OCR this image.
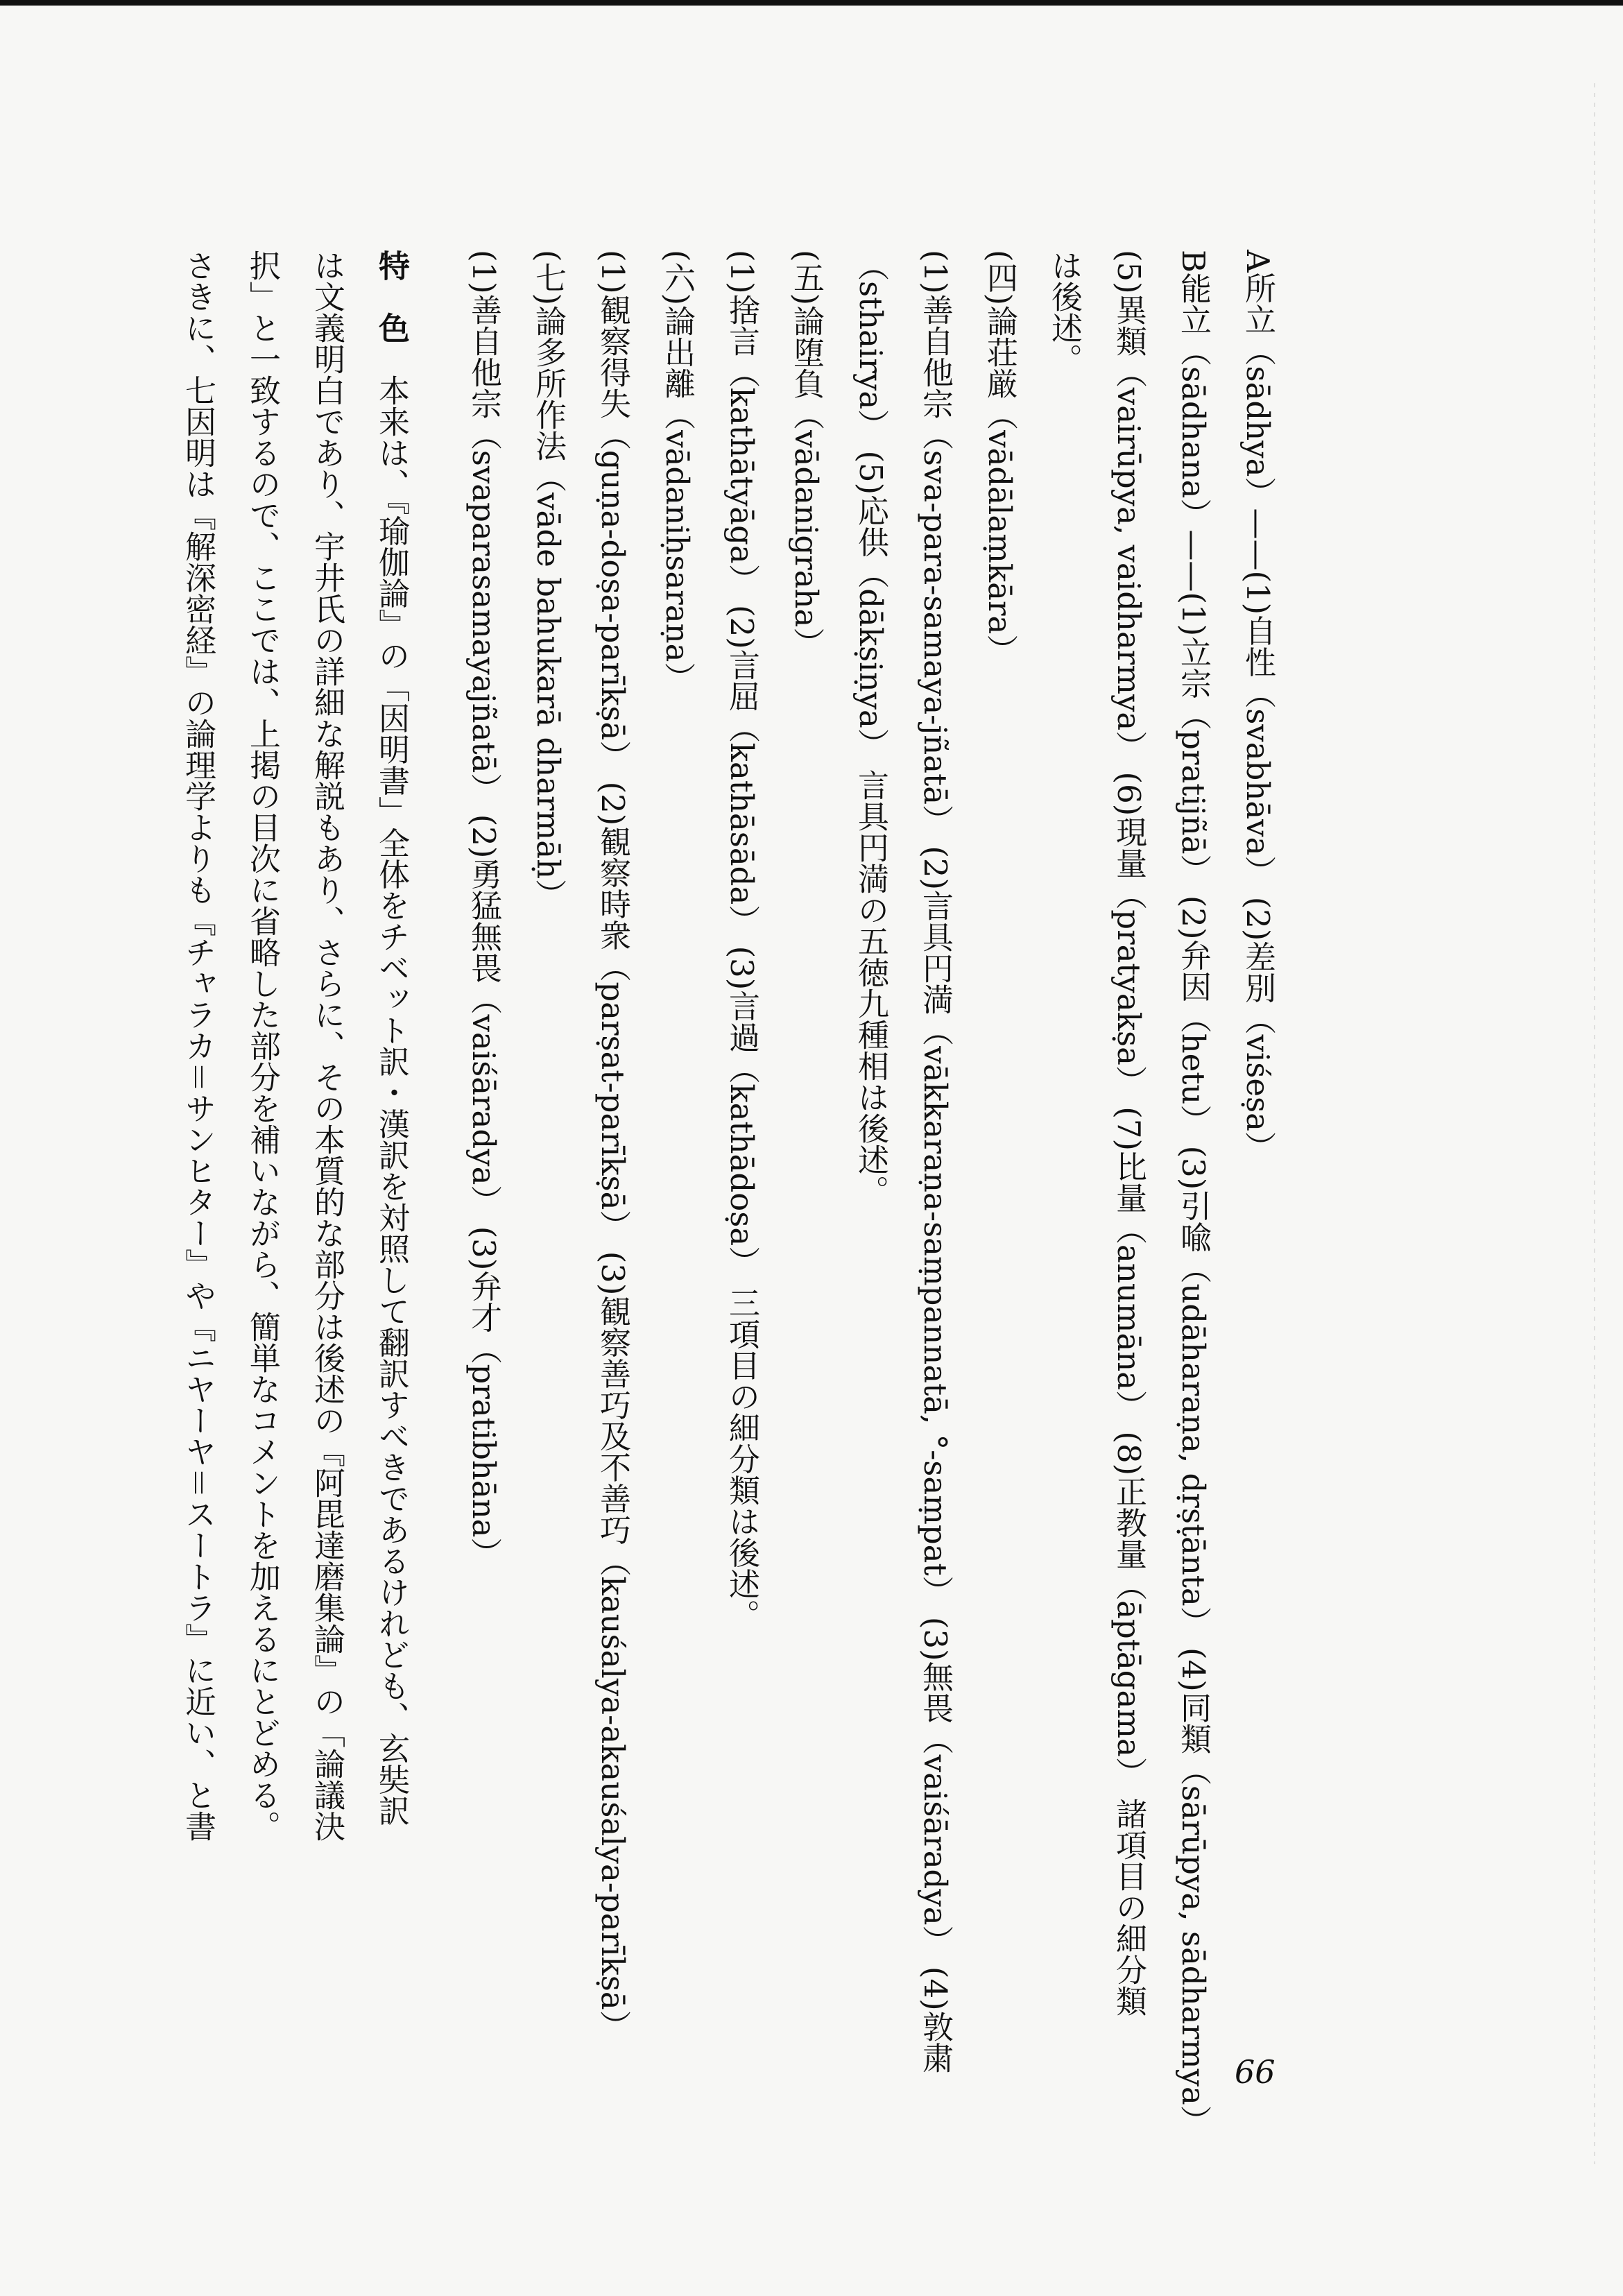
A所立（sādhya）——(1)自性（svabhāva） (2)差別（viśeṣa）
B能立（sādhana）——(1)立宗（pratijñā） (2)弁因（hetu） (3)引喩（udāharaṇa, dṛṣṭānta） (4)同類（sārūpya, sādharmya）
(5)異類（vairūpya, vaidharmya） (6)現量（pratyakṣa） (7)比量（anumāna） (8)正教量（āptāgama） 諸項目の細分類
は後述。
(四)論荘厳（vādālaṃkāra）
(1)善自他宗（sva-para-samaya-jñatā） (2)言具円満（vākkaraṇa-saṃpannatā, °-saṃpat） (3)無畏（vaiśāradya） (4)敦粛
（sthairya） (5)応供（dākṣiṇya） 言具円満の五徳九種相は後述。
(五)論堕負（vādanigraha）
(1)捨言（kathātyāga） (2)言屈（kathāsāda） (3)言過（kathādoṣa） 三項目の細分類は後述。
(六)論出離（vādaniḥsaraṇa）
(1)観察得失（guṇa-doṣa-parīkṣā） (2)観察時衆（parṣat-parīkṣā） (3)観察善巧及不善巧（kauśalya-akauśalya-parīkṣā）
(七)論多所作法（vāde bahukarā dharmāḥ）
(1)善自他宗（svaparasamayajñatā） (2)勇猛無畏（vaiśāradya） (3)弁才（pratibhāna）
特　色　本来は、『瑜伽論』の「因明書」全体をチベット訳・漢訳を対照して翻訳すべきであるけれども、玄奘訳
は文義明白であり、宇井氏の詳細な解説もあり、さらに、その本質的な部分は後述の『阿毘達磨集論』の「論議決
択」と一致するので、ここでは、上掲の目次に省略した部分を補いながら、簡単なコメントを加えるにとどめる。
さきに、七因明は『解深密経』の論理学よりも『チャラカ＝サンヒター』や『ニヤーヤ＝スートラ』に近い、と書
66
